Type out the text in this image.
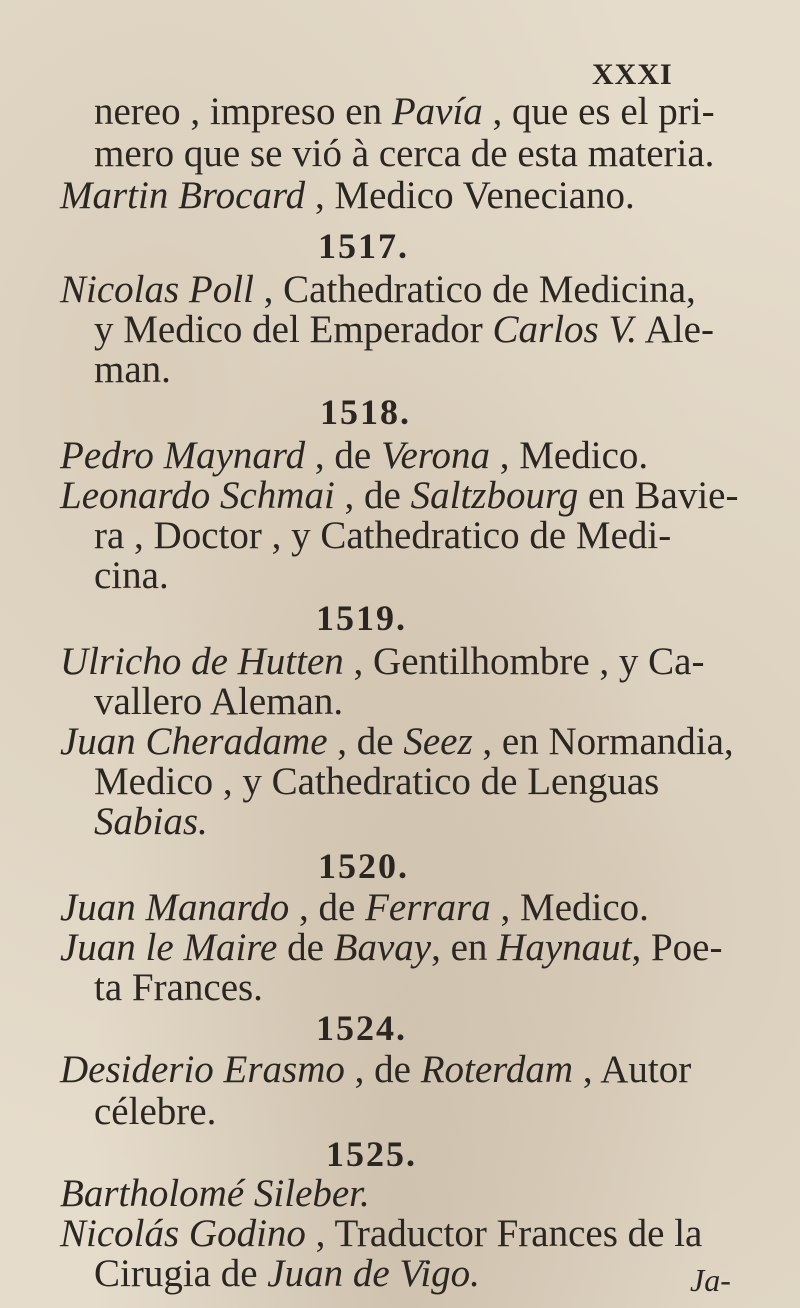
XXXI
nereo , impreso en Pavía , que es el pri-
mero que se vió à cerca de esta materia.
Martin Brocard , Medico Veneciano.
1517.
Nicolas Poll , Cathedratico de Medicina,
y Medico del Emperador Carlos V. Ale-
man.
1518.
Pedro Maynard , de Verona , Medico.
Leonardo Schmai , de Saltzbourg en Bavie-
ra , Doctor , y Cathedratico de Medi-
cina.
1519.
Ulricho de Hutten , Gentilhombre , y Ca-
vallero Aleman.
Juan Cheradame , de Seez , en Normandia,
Medico , y Cathedratico de Lenguas
Sabias.
1520.
Juan Manardo , de Ferrara , Medico.
Juan le Maire de Bavay, en Haynaut, Poe-
ta Frances.
1524.
Desiderio Erasmo , de Roterdam , Autor
célebre.
1525.
Bartholomé Sileber.
Nicolás Godino , Traductor Frances de la
Cirugia de Juan de Vigo.	Ja-
